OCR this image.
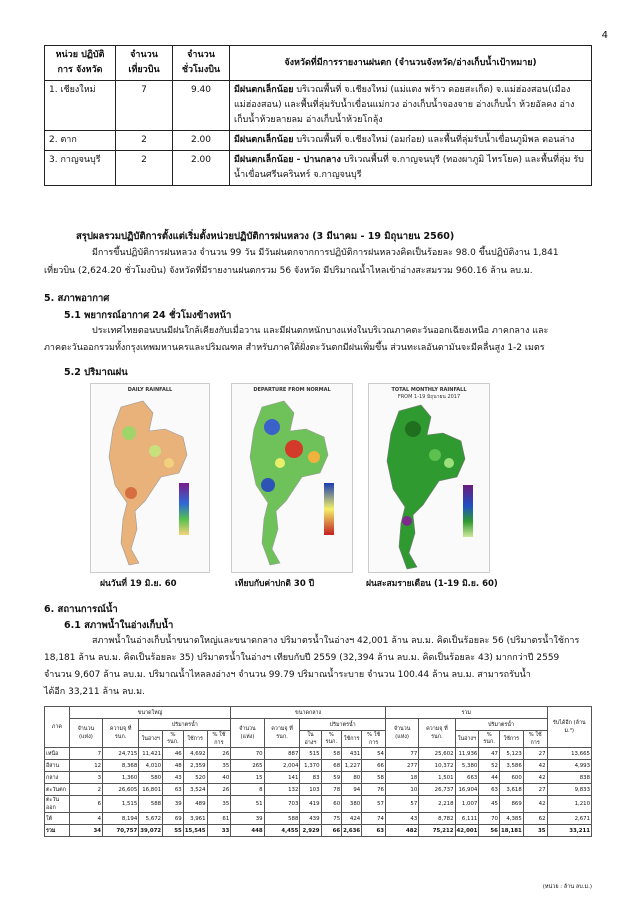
4
หน่วย ปฏิบัติการ จังหวัด	จำนวน เที่ยวบิน	จำนวน ชั่วโมงบิน	จังหวัดที่มีการรายงานฝนตก (จำนวนจังหวัด/อ่างเก็บน้ำเป้าหมาย)
1. เชียงใหม่	7	9.40	มีฝนตกเล็กน้อย บริเวณพื้นที่ จ.เชียงใหม่ (แม่แตง พร้าว ดอยสะเก็ด) จ.แม่ฮ่องสอน(เมือง แม่ฮ่องสอน) และพื้นที่ลุ่มรับน้ำเขื่อนแม่กวง อ่างเก็บน้ำจองจาย อ่างเก็บน้ำ ห้วยอัลคง อ่างเก็บน้ำห้วยลายลม อ่างเก็บน้ำห้วยโกลุ้ง
2. ตาก	2	2.00	มีฝนตกเล็กน้อย บริเวณพื้นที่ จ.เชียงใหม่ (อมก๋อย) และพื้นที่ลุ่มรับน้ำเขื่อนภูมิพล ตอนล่าง
3. กาญจนบุรี	2	2.00	มีฝนตกเล็กน้อย - ปานกลาง บริเวณพื้นที่ จ.กาญจนบุรี (ทองผาภูมิ ไทรโยค) และพื้นที่ลุ่ม รับน้ำเขื่อนศรีนครินทร์ จ.กาญจนบุรี
สรุปผลรวมปฏิบัติการตั้งแต่เริ่มตั้งหน่วยปฏิบัติการฝนหลวง (3 มีนาคม - 19 มิถุนายน 2560)
มีการขึ้นปฏิบัติการฝนหลวง จำนวน 99 วัน มีวันฝนตกจากการปฏิบัติการฝนหลวงคิดเป็นร้อยละ 98.0 ขึ้นปฏิบัติงาน 1,841
เที่ยวบิน (2,624.20 ชั่วโมงบิน) จังหวัดที่มีรายงานฝนตกรวม 56 จังหวัด มีปริมาณน้ำไหลเข้าอ่างสะสมรวม 960.16 ล้าน ลบ.ม.
5. สภาพอากาศ
5.1 พยากรณ์อากาศ 24 ชั่วโมงข้างหน้า
ประเทศไทยตอนบนมีฝนใกล้เคียงกับเมื่อวาน และมีฝนตกหนักบางแห่งในบริเวณภาคตะวันออกเฉียงเหนือ ภาคกลาง และ
ภาคตะวันออกรวมทั้งกรุงเทพมหานครและปริมณฑล สำหรับภาคใต้ฝั่งตะวันตกมีฝนเพิ่มขึ้น ส่วนทะเลอันดามันจะมีคลื่นสูง 1-2 เมตร
5.2 ปริมาณฝน
DAILY RAINFALL
ฝนวันที่ 19 มิ.ย. 60
DEPARTURE FROM NORMAL
เทียบกับค่าปกติ 30 ปี
TOTAL MONTHLY RAINFALL
FROM 1-19 มิถุนายน 2017
ฝนสะสมรายเดือน (1-19 มิ.ย. 60)
6. สถานการณ์น้ำ
6.1 สภาพน้ำในอ่างเก็บน้ำ
สภาพน้ำในอ่างเก็บน้ำขนาดใหญ่และขนาดกลาง ปริมาตรน้ำในอ่างฯ 42,001 ล้าน ลบ.ม. คิดเป็นร้อยละ 56 (ปริมาตรน้ำใช้การ
18,181 ล้าน ลบ.ม. คิดเป็นร้อยละ 35) ปริมาตรน้ำในอ่างฯ เทียบกับปี 2559 (32,394 ล้าน ลบ.ม. คิดเป็นร้อยละ 43) มากกว่าปี 2559
จำนวน 9,607 ล้าน ลบ.ม. ปริมาณน้ำไหลลงอ่างฯ จำนวน 99.79 ปริมาณน้ำระบาย จำนวน 100.44 ล้าน ลบ.ม. สามารถรับน้ำ
ได้อีก 33,211 ล้าน ลบ.ม.
ภาค	ขนาดใหญ่						ขนาดกลาง						รวม						รับได้อีก (ล้าน ม.³)
	จำนวน (แห่ง)	ความจุ ที่ รนก.	ปริมาตรน้ำ				จำนวน (แห่ง)	ความจุ ที่ รนก.	ปริมาตรน้ำ				จำนวน (แห่ง)	ความจุ ที่ รนก.	ปริมาตรน้ำ				
			ในอ่างฯ	% รนก.	ใช้การ	% ใช้การ			ในอ่างฯ	% รนก.	ใช้การ	% ใช้การ			ในอ่างฯ	% รนก.	ใช้การ	% ใช้การ	
เหนือ	7	24,715	11,421	46	4,692	26	70	887	515	58	431	54	77	25,602	11,936	47	5,123	27	13,665
อีสาน	12	8,368	4,010	48	2,359	35	265	2,004	1,370	68	1,227	66	277	10,372	5,380	52	3,586	42	4,993
กลาง	3	1,360	580	43	520	40	15	141	83	59	80	58	18	1,501	663	44	600	42	838
ตะวันตก	2	26,605	16,801	63	3,524	26	8	132	103	78	94	76	10	26,737	16,904	63	3,618	27	9,833
ตะวันออก	6	1,515	588	39	489	35	51	703	419	60	380	57	57	2,218	1,007	45	869	42	1,210
ใต้	4	8,194	5,672	69	3,961	61	39	588	439	75	424	74	43	8,782	6,111	70	4,385	62	2,671
รวม	34	70,757	39,072	55	15,545	33	448	4,455	2,929	66	2,636	63	482	75,212	42,001	56	18,181	35	33,211
(หน่วย : ล้าน ลบ.ม.)
